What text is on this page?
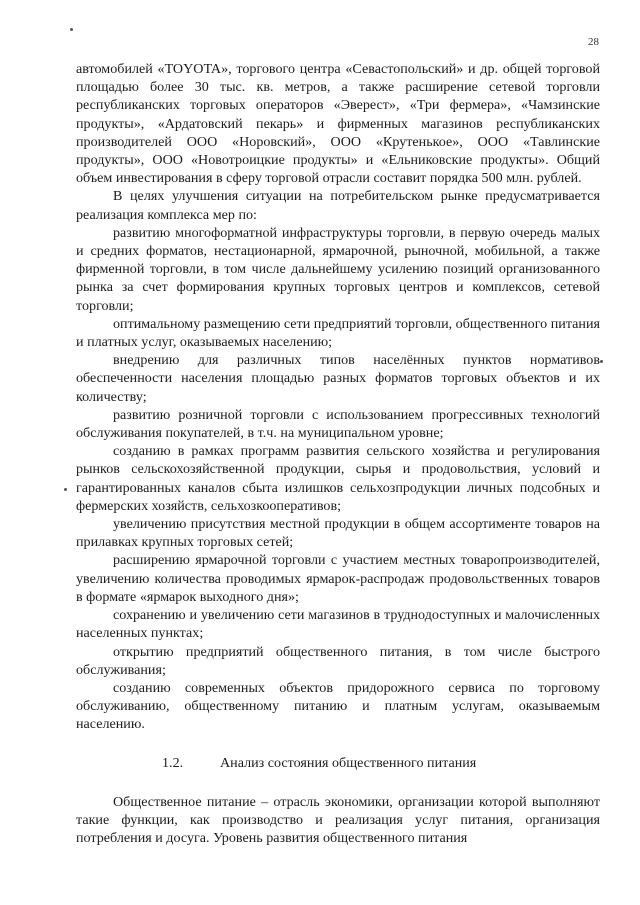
28

автомобилей «TOYOTA», торгового центра «Севастопольский» и др. общей торговой площадью более 30 тыс. кв. метров, а также расширение сетевой торговли республиканских торговых операторов «Эверест», «Три фермера», «Чамзинские продукты», «Ардатовский пекарь» и фирменных магазинов республиканских производителей ООО «Норовский», ООО «Крутенькое», ООО «Тавлинские продукты», ООО «Новотроицкие продукты» и «Ельниковские продукты». Общий объем инвестирования в сферу торговой отрасли составит порядка 500 млн. рублей.

В целях улучшения ситуации на потребительском рынке предусматривается реализация комплекса мер по:

развитию многоформатной инфраструктуры торговли, в первую очередь малых и средних форматов, нестационарной, ярмарочной, рыночной, мобильной, а также фирменной торговли, в том числе дальнейшему усилению позиций организованного рынка за счет формирования крупных торговых центров и комплексов, сетевой торговли;

оптимальному размещению сети предприятий торговли, общественного питания и платных услуг, оказываемых населению;

внедрению для различных типов населённых пунктов нормативов обеспеченности населения площадью разных форматов торговых объектов и их количеству;

развитию розничной торговли с использованием прогрессивных технологий обслуживания покупателей, в т.ч. на муниципальном уровне;

созданию в рамках программ развития сельского хозяйства и регулирования рынков сельскохозяйственной продукции, сырья и продовольствия, условий и гарантированных каналов сбыта излишков сельхозпродукции личных подсобных и фермерских хозяйств, сельхозкооперативов;

увеличению присутствия местной продукции в общем ассортименте товаров на прилавках крупных торговых сетей;

расширению ярмарочной торговли с участием местных товаропроизводителей, увеличению количества проводимых ярмарок-распродаж продовольственных товаров в формате «ярмарок выходного дня»;

сохранению и увеличению сети магазинов в труднодоступных и малочисленных населенных пунктах;

открытию предприятий общественного питания, в том числе быстрого обслуживания;

созданию современных объектов придорожного сервиса по торговому обслуживанию, общественному питанию и платным услугам, оказываемым населению.

1.2.	Анализ состояния общественного питания

Общественное питание – отрасль экономики, организации которой выполняют такие функции, как производство и реализация услуг питания, организация потребления и досуга. Уровень развития общественного питания
